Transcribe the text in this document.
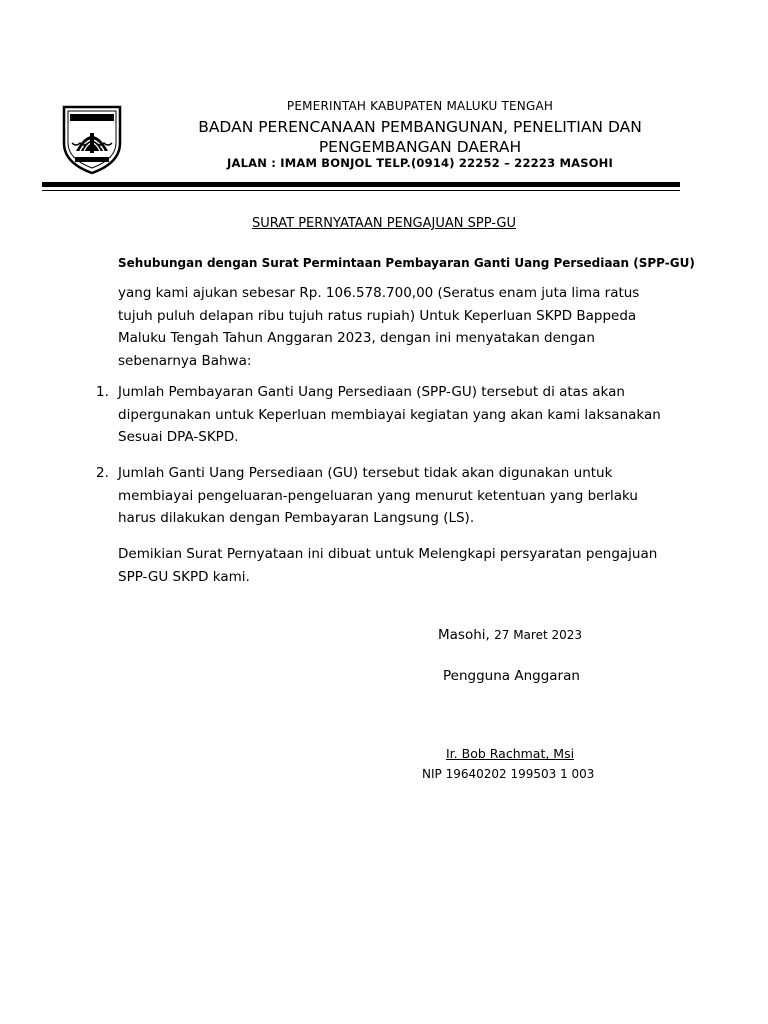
PEMERINTAH KABUPATEN MALUKU TENGAH
BADAN PERENCANAAN PEMBANGUNAN, PENELITIAN DAN
PENGEMBANGAN DAERAH
JALAN : IMAM BONJOL TELP.(0914) 22252 – 22223 MASOHI
SURAT PERNYATAAN PENGAJUAN SPP-GU
Sehubungan dengan Surat Permintaan Pembayaran Ganti Uang Persediaan (SPP-GU)
yang kami ajukan sebesar Rp. 106.578.700,00 (Seratus enam juta lima ratus tujuh puluh delapan ribu tujuh ratus rupiah) Untuk Keperluan SKPD Bappeda Maluku Tengah Tahun Anggaran 2023, dengan ini menyatakan dengan sebenarnya Bahwa:
1. Jumlah Pembayaran Ganti Uang Persediaan (SPP-GU) tersebut di atas akan dipergunakan untuk Keperluan membiayai kegiatan yang akan kami laksanakan Sesuai DPA-SKPD.
2. Jumlah Ganti Uang Persediaan (GU) tersebut tidak akan digunakan untuk membiayai pengeluaran-pengeluaran yang menurut ketentuan yang berlaku harus dilakukan dengan Pembayaran Langsung (LS).
Demikian Surat Pernyataan ini dibuat untuk Melengkapi persyaratan pengajuan SPP-GU SKPD kami.
Masohi, 27 Maret 2023
Pengguna Anggaran
Ir. Bob Rachmat, Msi
NIP 19640202 199503 1 003
